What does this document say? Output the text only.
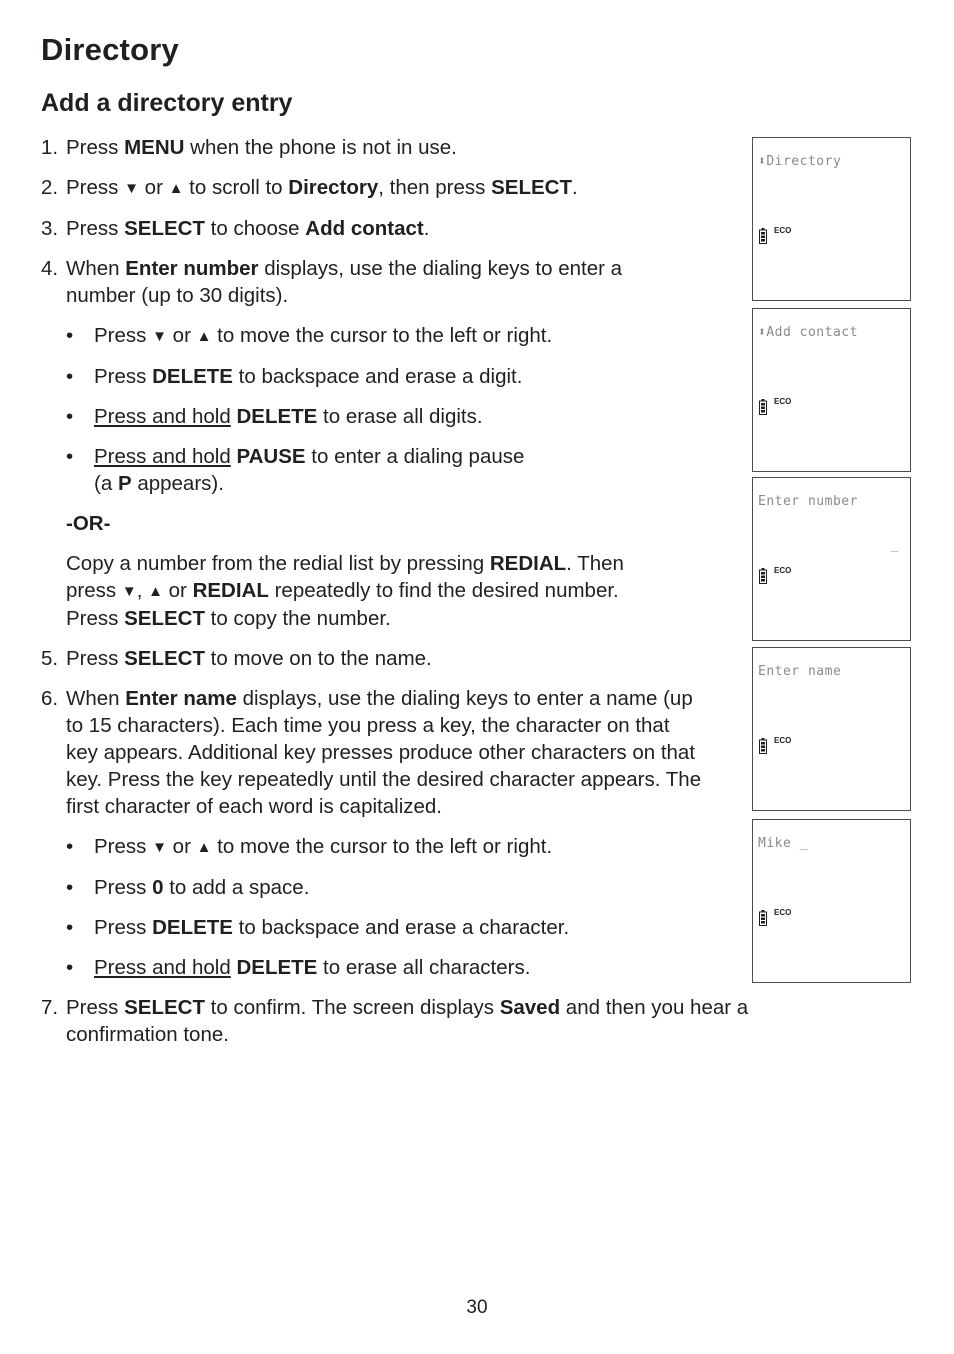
Directory
Add a directory entry
1. Press MENU when the phone is not in use.
2. Press ▼ or ▲ to scroll to Directory, then press SELECT.
3. Press SELECT to choose Add contact.
4. When Enter number displays, use the dialing keys to enter a number (up to 30 digits).
• Press ▼ or ▲ to move the cursor to the left or right.
• Press DELETE to backspace and erase a digit.
• Press and hold DELETE to erase all digits.
• Press and hold PAUSE to enter a dialing pause
(a P appears).
-OR-
Copy a number from the redial list by pressing REDIAL. Then
press ▼, ▲ or REDIAL repeatedly to find the desired number.
Press SELECT to copy the number.
5. Press SELECT to move on to the name.
6. When Enter name displays, use the dialing keys to enter a name (up to 15 characters). Each time you press a key, the character on that key appears. Additional key presses produce other characters on that key. Press the key repeatedly until the desired character appears. The first character of each word is capitalized.
• Press ▼ or ▲ to move the cursor to the left or right.
• Press 0 to add a space.
• Press DELETE to backspace and erase a character.
• Press and hold DELETE to erase all characters.
7. Press SELECT to confirm. The screen displays Saved and then you hear a confirmation tone.
⬍Directory
ECO
⬍Add contact
ECO
Enter number
_
ECO
Enter name
ECO
Mike _
ECO
30
